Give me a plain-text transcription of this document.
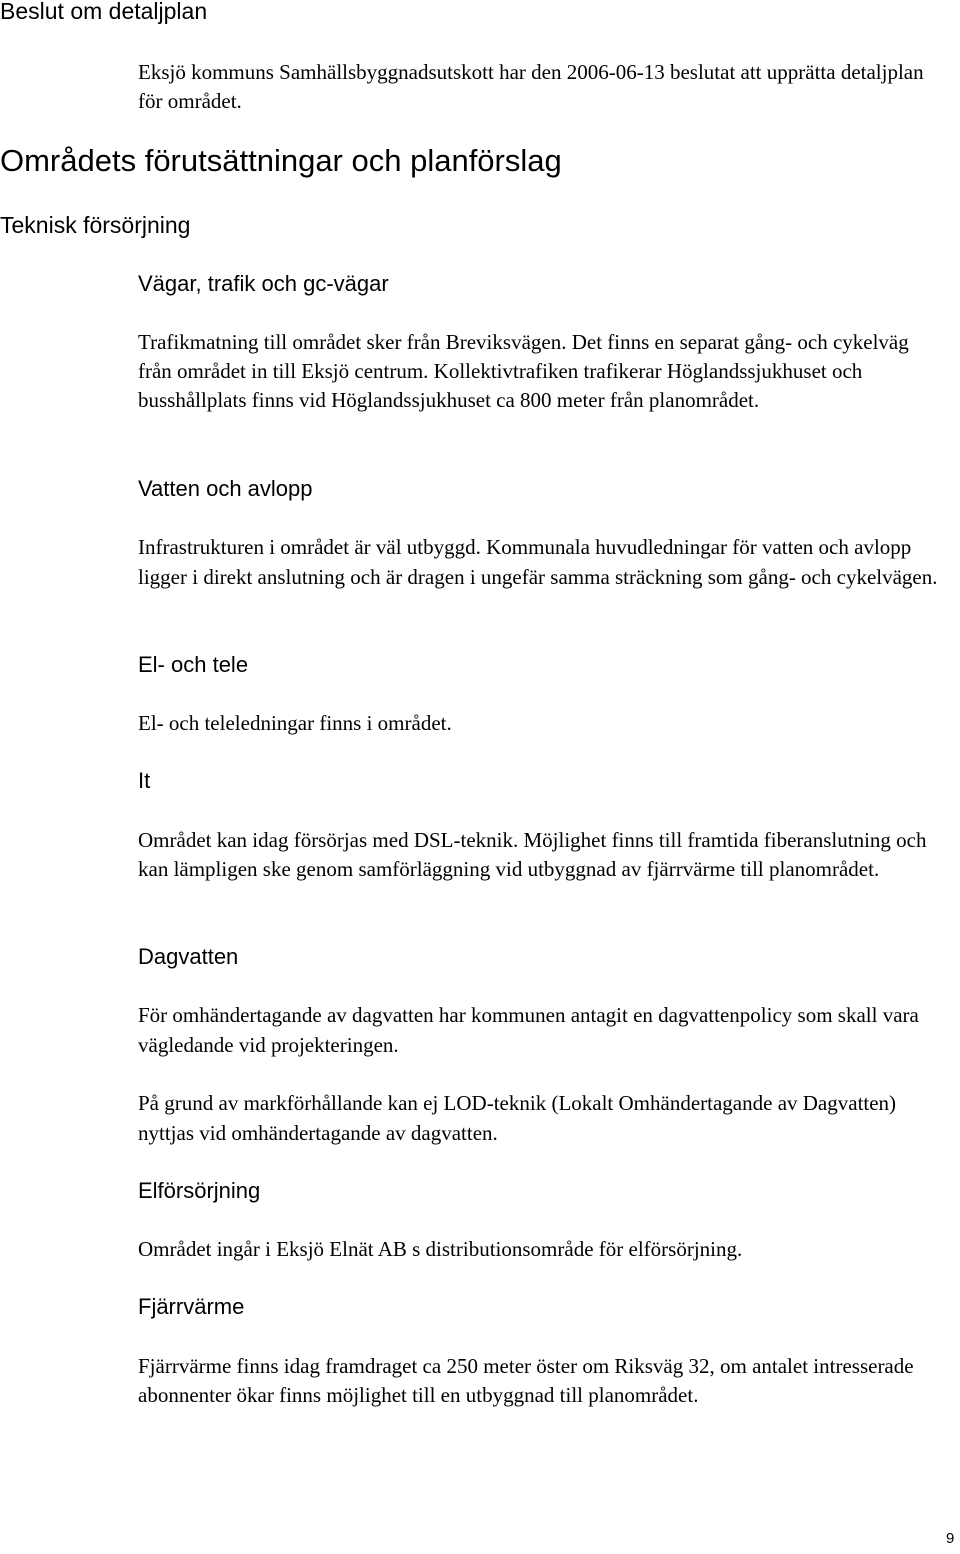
Beslut om detaljplan

Eksjö kommuns Samhällsbyggnadsutskott har den 2006-06-13 beslutat att upprätta detaljplan för området.

Områdets förutsättningar och planförslag
Teknisk försörjning
Vägar, trafik och gc-vägar

Trafikmatning till området sker från Breviksvägen. Det finns en separat gång- och cykelväg från området in till Eksjö centrum. Kollektivtrafiken trafikerar Höglandssjukhuset och busshållplats finns vid Höglandssjukhuset ca 800 meter från planområdet.

Vatten och avlopp

Infrastrukturen i området är väl utbyggd. Kommunala huvudledningar för vatten och avlopp ligger i direkt anslutning och är dragen i ungefär samma sträckning som gång- och cykelvägen.

El- och tele

El- och teleledningar finns i området.

It

Området kan idag försörjas med DSL-teknik. Möjlighet finns till framtida fiberanslutning och kan lämpligen ske genom samförläggning vid utbyggnad av fjärrvärme till planområdet.

Dagvatten

För omhändertagande av dagvatten har kommunen antagit en dagvattenpolicy som skall vara vägledande vid projekteringen.

På grund av markförhållande kan ej LOD-teknik (Lokalt Omhändertagande av Dagvatten) nyttjas vid omhändertagande av dagvatten.

Elförsörjning

Området ingår i Eksjö Elnät AB s distributionsområde för elförsörjning.

Fjärrvärme

Fjärrvärme finns idag framdraget ca 250 meter öster om Riksväg 32, om antalet intresserade abonnenter ökar finns möjlighet till en utbyggnad till planområdet.

9
